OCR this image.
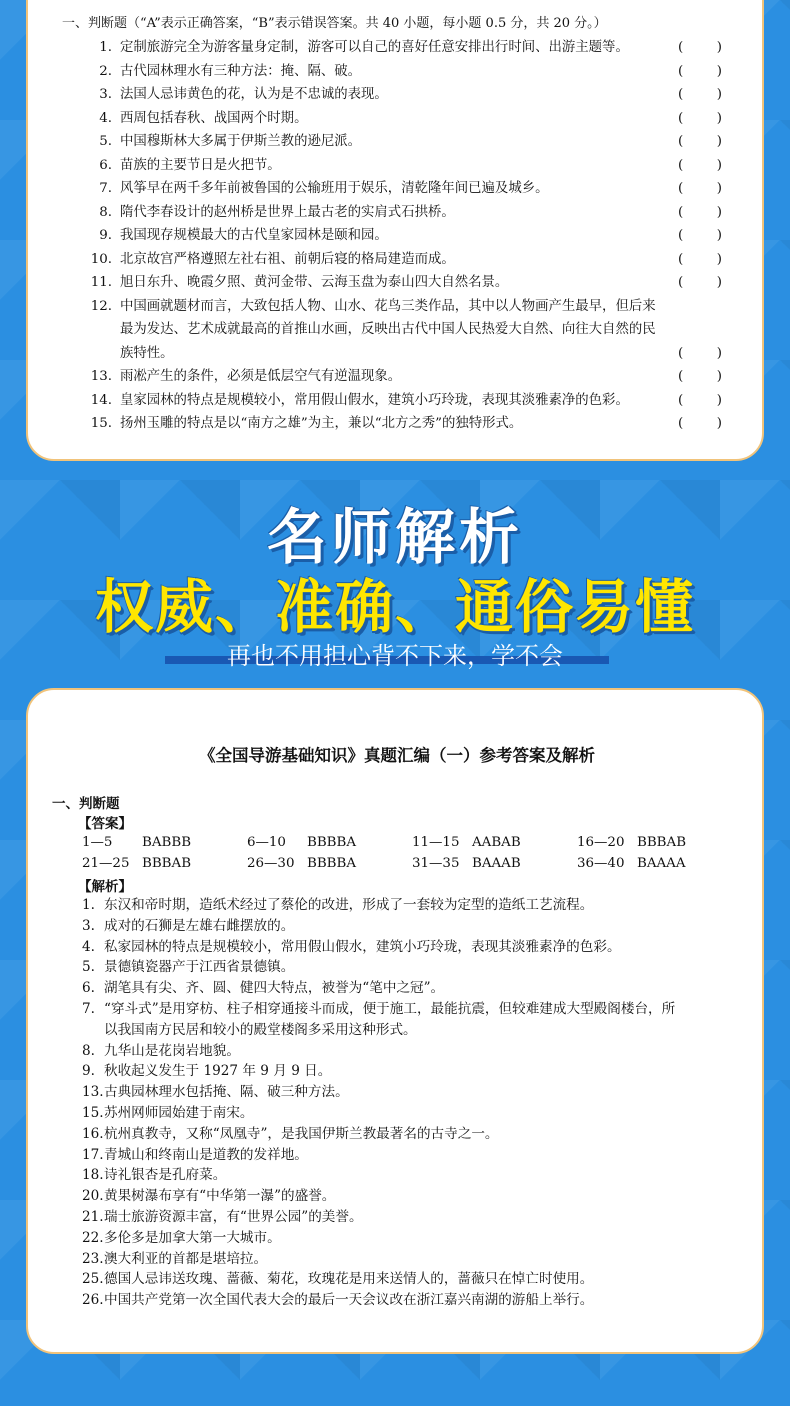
一、判断题（“A”表示正确答案，“B”表示错误答案。共 40 小题，每小题 0.5 分，共 20 分。）
1. 定制旅游完全为游客量身定制，游客可以自己的喜好任意安排出行时间、出游主题等。	(	)
2. 古代园林理水有三种方法：掩、隔、破。	(	)
3. 法国人忌讳黄色的花，认为是不忠诚的表现。	(	)
4. 西周包括春秋、战国两个时期。	(	)
5. 中国穆斯林大多属于伊斯兰教的逊尼派。	(	)
6. 苗族的主要节日是火把节。	(	)
7. 风筝早在两千多年前被鲁国的公输班用于娱乐，清乾隆年间已遍及城乡。	(	)
8. 隋代李春设计的赵州桥是世界上最古老的实肩式石拱桥。	(	)
9. 我国现存规模最大的古代皇家园林是颐和园。	(	)
10. 北京故宫严格遵照左社右祖、前朝后寝的格局建造而成。	(	)
11. 旭日东升、晚霞夕照、黄河金带、云海玉盘为泰山四大自然名景。	(	)
12. 中国画就题材而言，大致包括人物、山水、花鸟三类作品，其中以人物画产生最早，但后来
最为发达、艺术成就最高的首推山水画，反映出古代中国人民热爱大自然、向往大自然的民
族特性。	(	)
13. 雨凇产生的条件，必须是低层空气有逆温现象。	(	)
14. 皇家园林的特点是规模较小，常用假山假水，建筑小巧玲珑，表现其淡雅素净的色彩。	(	)
15. 扬州玉雕的特点是以“南方之雄”为主，兼以“北方之秀”的独特形式。	(	)
名师解析
权威、准确、通俗易懂
再也不用担心背不下来，学不会
《全国导游基础知识》真题汇编（一）参考答案及解析
一、判断题
【答案】
1—5 BABBB	6—10 BBBBA	11—15 AABAB	16—20 BBBAB
21—25 BBBAB	26—30 BBBBA	31—35 BAAAB	36—40 BAAAA
【解析】
1. 东汉和帝时期，造纸术经过了蔡伦的改进，形成了一套较为定型的造纸工艺流程。
3. 成对的石狮是左雄右雌摆放的。
4. 私家园林的特点是规模较小，常用假山假水，建筑小巧玲珑，表现其淡雅素净的色彩。
5. 景德镇瓷器产于江西省景德镇。
6. 湖笔具有尖、齐、圆、健四大特点，被誉为“笔中之冠”。
7. “穿斗式”是用穿枋、柱子相穿通接斗而成，便于施工，最能抗震，但较难建成大型殿阁楼台，所
以我国南方民居和较小的殿堂楼阁多采用这种形式。
8. 九华山是花岗岩地貌。
9. 秋收起义发生于 1927 年 9 月 9 日。
13.古典园林理水包括掩、隔、破三种方法。
15.苏州网师园始建于南宋。
16.杭州真教寺，又称“凤凰寺”，是我国伊斯兰教最著名的古寺之一。
17.青城山和终南山是道教的发祥地。
18.诗礼银杏是孔府菜。
20.黄果树瀑布享有“中华第一瀑”的盛誉。
21.瑞士旅游资源丰富，有“世界公园”的美誉。
22.多伦多是加拿大第一大城市。
23.澳大利亚的首都是堪培拉。
25.德国人忌讳送玫瑰、蔷薇、菊花，玫瑰花是用来送情人的，蔷薇只在悼亡时使用。
26.中国共产党第一次全国代表大会的最后一天会议改在浙江嘉兴南湖的游船上举行。
